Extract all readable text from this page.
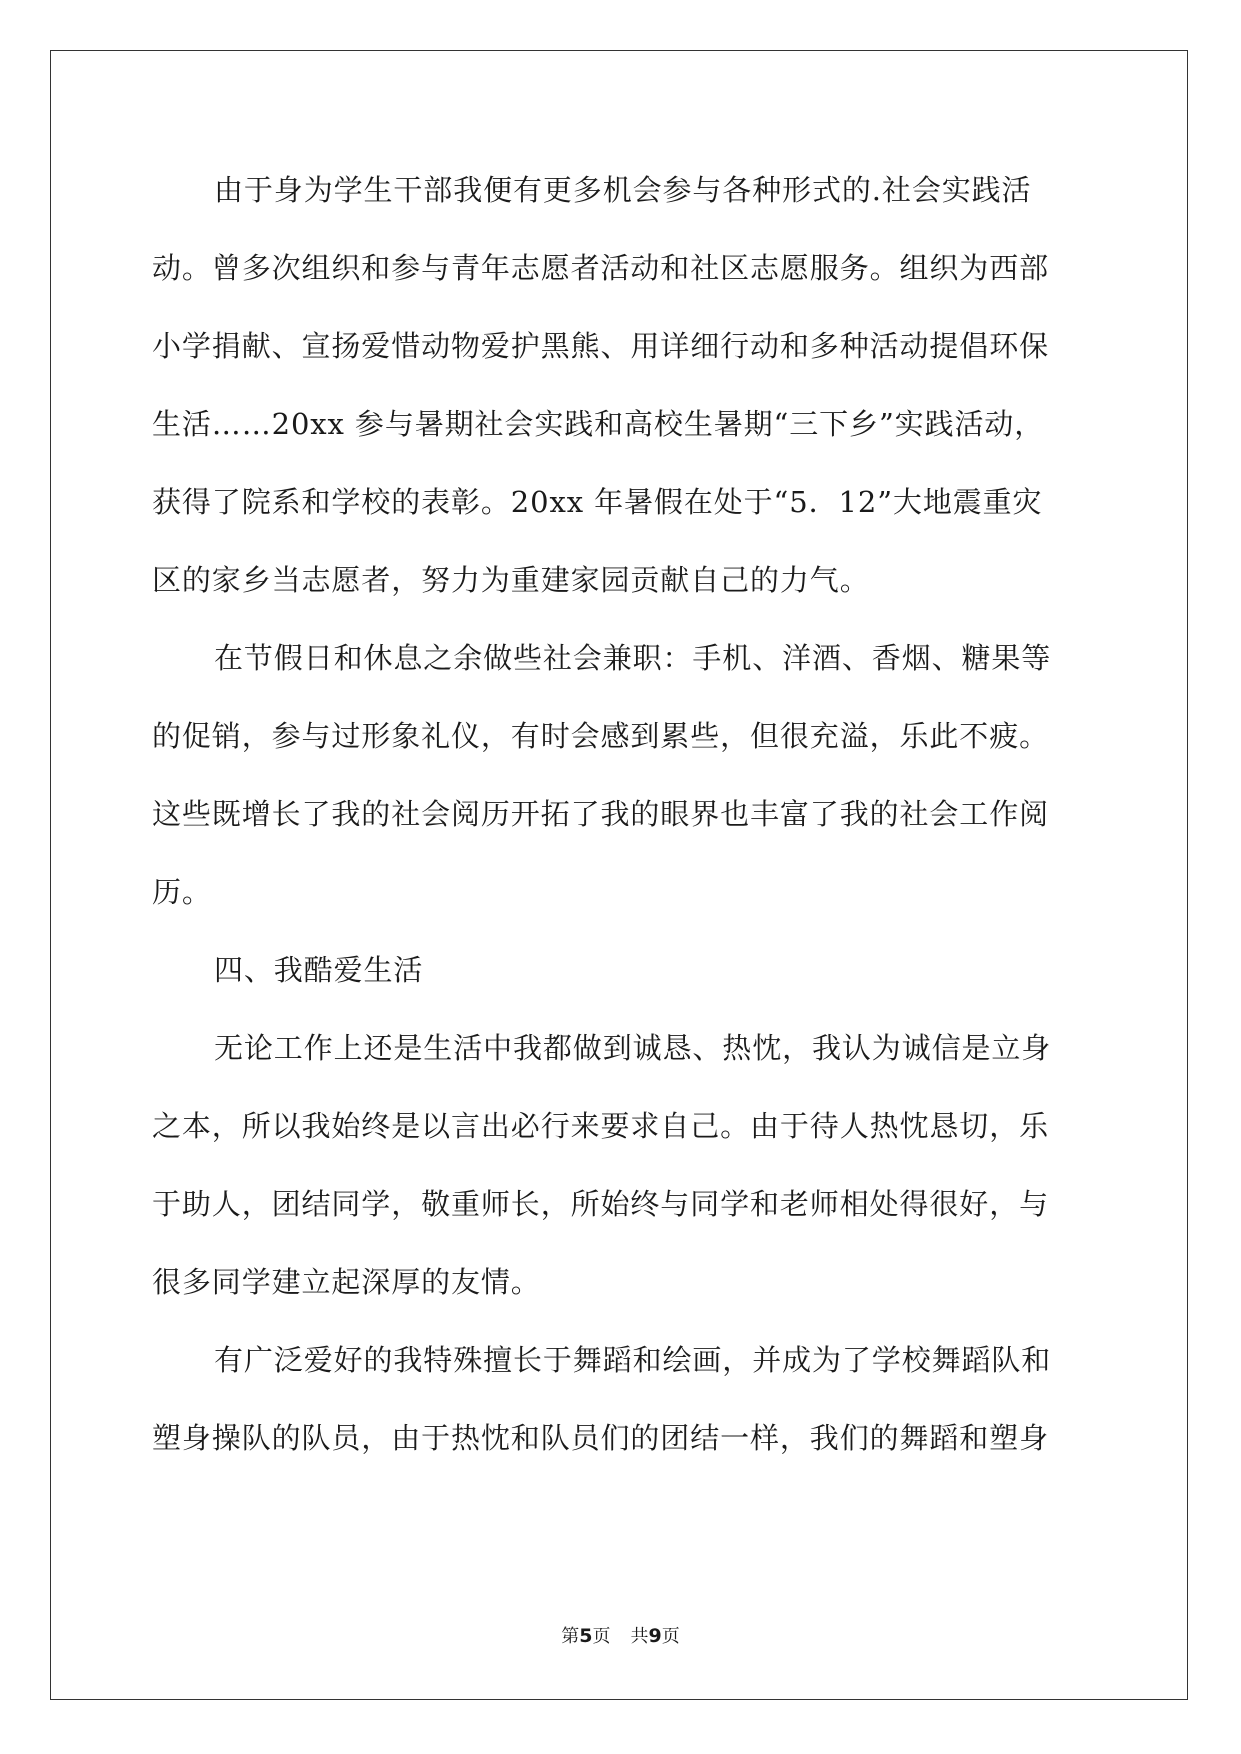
由于身为学生干部我便有更多机会参与各种形式的.社会实践活
动。曾多次组织和参与青年志愿者活动和社区志愿服务。组织为西部
小学捐献、宣扬爱惜动物爱护黑熊、用详细行动和多种活动提倡环保
生活……20xx 参与暑期社会实践和高校生暑期“三下乡”实践活动，
获得了院系和学校的表彰。20xx 年暑假在处于“5．12”大地震重灾
区的家乡当志愿者，努力为重建家园贡献自己的力气。
在节假日和休息之余做些社会兼职：手机、洋酒、香烟、糖果等
的促销，参与过形象礼仪，有时会感到累些，但很充溢，乐此不疲。
这些既增长了我的社会阅历开拓了我的眼界也丰富了我的社会工作阅
历。
四、我酷爱生活
无论工作上还是生活中我都做到诚恳、热忱，我认为诚信是立身
之本，所以我始终是以言出必行来要求自己。由于待人热忱恳切，乐
于助人，团结同学，敬重师长，所始终与同学和老师相处得很好，与
很多同学建立起深厚的友情。
有广泛爱好的我特殊擅长于舞蹈和绘画，并成为了学校舞蹈队和
塑身操队的队员，由于热忱和队员们的团结一样，我们的舞蹈和塑身
第5页 共9页
